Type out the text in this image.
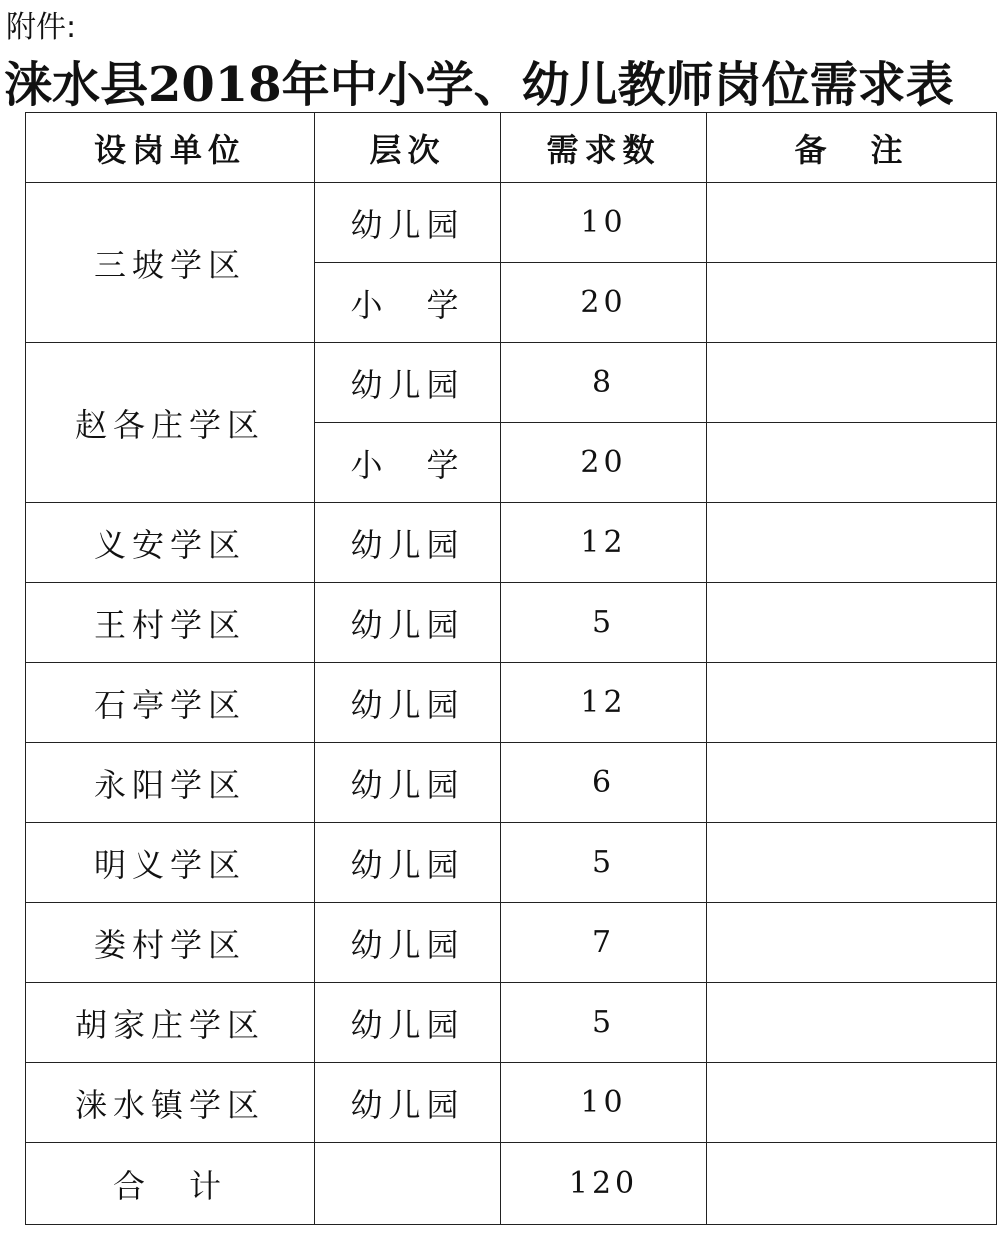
附件:
涞水县2018年中小学、幼儿教师岗位需求表
设岗单位	层次	需求数	备　注
三坡学区	幼儿园	10	
	小　学	20	
赵各庄学区	幼儿园	8	
	小　学	20	
义安学区	幼儿园	12	
王村学区	幼儿园	5	
石亭学区	幼儿园	12	
永阳学区	幼儿园	6	
明义学区	幼儿园	5	
娄村学区	幼儿园	7	
胡家庄学区	幼儿园	5	
涞水镇学区	幼儿园	10	
合　计		120	
